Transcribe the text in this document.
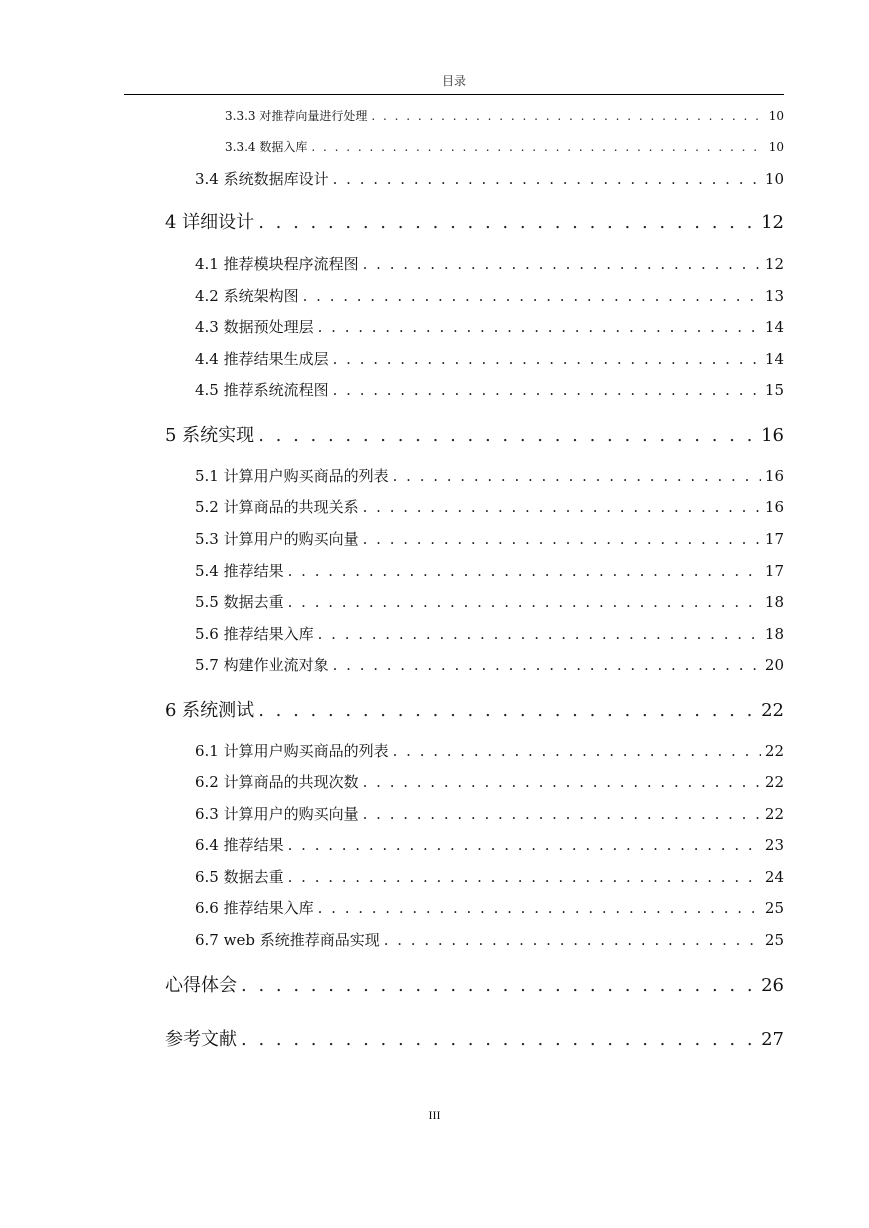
目录
3.3.3 对推荐向量进行处理 . . .	10
3.3.4 数据入库 . . .	10
3.4 系统数据库设计 . . .	10
4 详细设计 . . .	12
4.1 推荐模块程序流程图 . . .	12
4.2 系统架构图 . . .	13
4.3 数据预处理层 . . .	14
4.4 推荐结果生成层 . . .	14
4.5 推荐系统流程图 . . .	15
5 系统实现 . . .	16
5.1 计算用户购买商品的列表 . . .	16
5.2 计算商品的共现关系 . . .	16
5.3 计算用户的购买向量 . . .	17
5.4 推荐结果 . . .	17
5.5 数据去重 . . .	18
5.6 推荐结果入库 . . .	18
5.7 构建作业流对象 . . .	20
6 系统测试 . . .	22
6.1 计算用户购买商品的列表 . . .	22
6.2 计算商品的共现次数 . . .	22
6.3 计算用户的购买向量 . . .	22
6.4 推荐结果 . . .	23
6.5 数据去重 . . .	24
6.6 推荐结果入库 . . .	25
6.7 web 系统推荐商品实现 . . .	25
心得体会 . . .	26
参考文献 . . .	27
III
